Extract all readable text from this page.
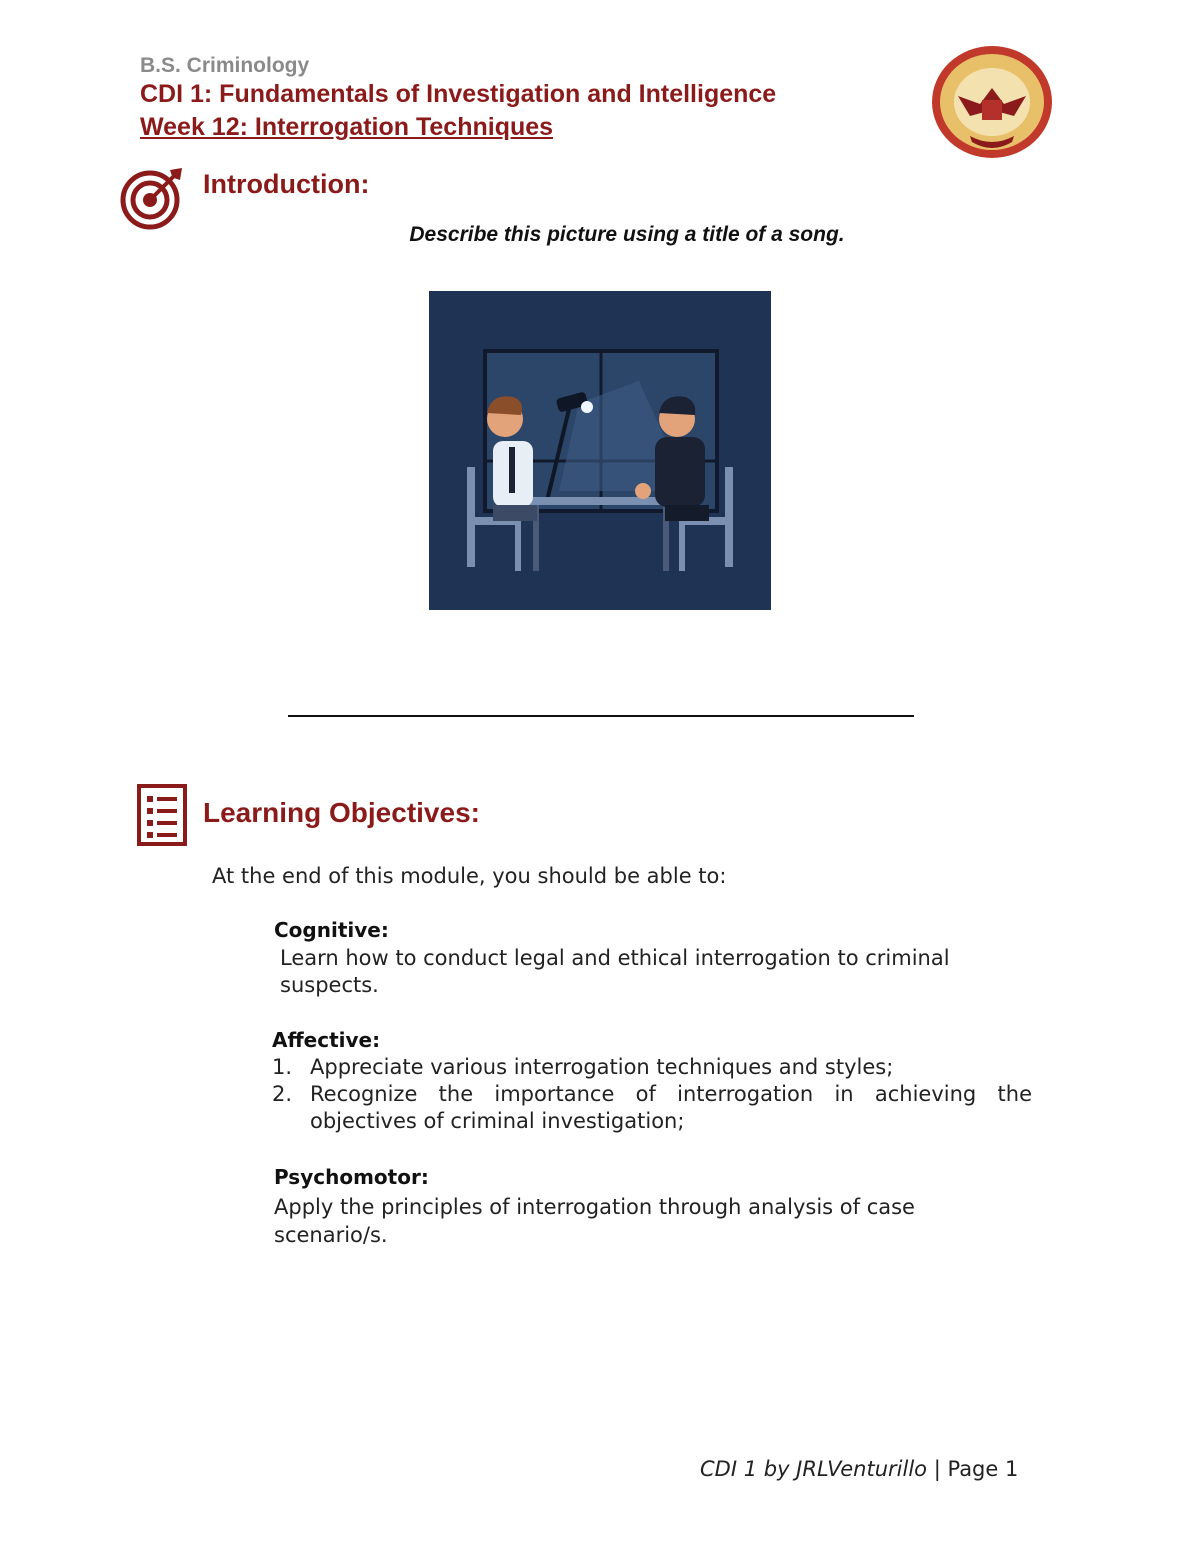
B.S. Criminology
CDI 1: Fundamentals of Investigation and Intelligence
Week 12: Interrogation Techniques
Introduction:
Describe this picture using a title of a song.
Learning Objectives:
At the end of this module, you should be able to:
Cognitive:
Learn how to conduct legal and ethical interrogation to criminal suspects.
Affective:
1. Appreciate various interrogation techniques and styles;
2. Recognize the importance of interrogation in achieving the objectives of criminal investigation;
Psychomotor:
Apply the principles of interrogation through analysis of case scenario/s.
CDI 1 by JRLVenturillo | Page 1
